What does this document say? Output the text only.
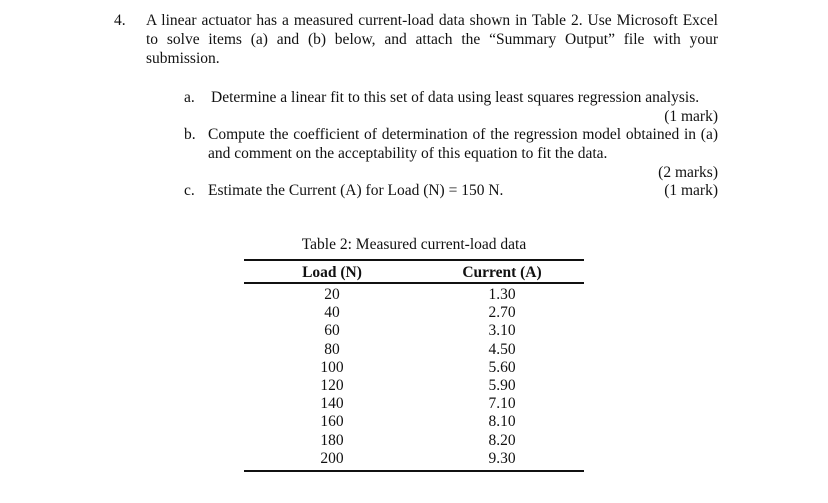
4. A linear actuator has a measured current-load data shown in Table 2. Use Microsoft Excel to solve items (a) and (b) below, and attach the “Summary Output” file with your submission.
a. Determine a linear fit to this set of data using least squares regression analysis.
(1 mark)
b. Compute the coefficient of determination of the regression model obtained in (a) and comment on the acceptability of this equation to fit the data.
(2 marks)
c. Estimate the Current (A) for Load (N) = 150 N.	(1 mark)
Table 2: Measured current-load data
Load (N)	Current (A)
20	1.30
40	2.70
60	3.10
80	4.50
100	5.60
120	5.90
140	7.10
160	8.10
180	8.20
200	9.30
